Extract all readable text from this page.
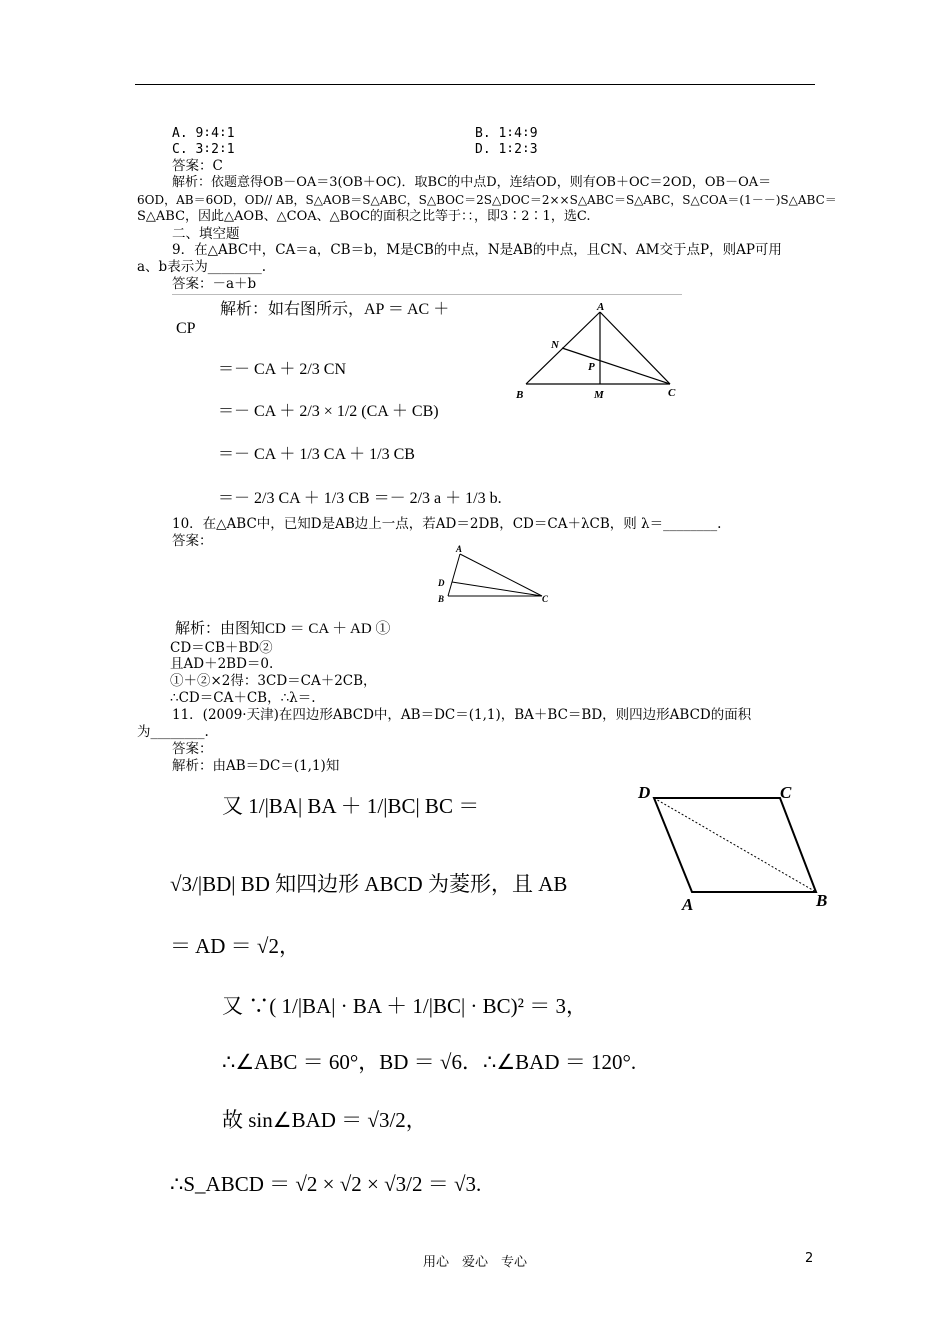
A. 9∶4∶1	B. 1∶4∶9
C. 3∶2∶1	D. 1∶2∶3
答案：C
解析：依题意得OB－OA＝3(OB＋OC)．取BC的中点D，连结OD，则有OB＋OC＝2OD，OB－OA＝
6OD，AB＝6OD，OD// AB，S△AOB＝S△ABC，S△BOC＝2S△DOC＝2××S△ABC＝S△ABC，S△COA＝(1－－)S△ABC＝
S△ABC，因此△AOB、△COA、△BOC的面积之比等于：：，即3∶2∶1，选C.
二、填空题
9．在△ABC中，CA＝a，CB＝b，M是CB的中点，N是AB的中点，且CN、AM交于点P，则AP可用
a、b表示为________.
答案：－a＋b
解析：如右图所示，AP ＝ AC ＋
CP
＝－ CA ＋ 2/3 CN
＝－ CA ＋ 2/3 × 1/2 (CA ＋ CB)
＝－ CA ＋ 1/3 CA ＋ 1/3 CB
＝－ 2/3 CA ＋ 1/3 CB ＝－ 2/3 a ＋ 1/3 b.
A
B	C
M
N
P
10．在△ABC中，已知D是AB边上一点，若AD＝2DB，CD＝CA＋λCB，则 λ＝________.
答案：	A
B	C
D
解析：由图知CD ＝ CA ＋ AD ①
CD＝CB＋BD②
且AD＋2BD＝0.
①＋②×2得：3CD＝CA＋2CB，
∴CD＝CA＋CB，∴λ＝.
11．(2009·天津)在四边形ABCD中，AB＝DC＝(1,1)，BA＋BC＝BD，则四边形ABCD的面积
为________.
答案：
解析：由AB＝DC＝(1,1)知
又 1/|BA| BA ＋ 1/|BC| BC ＝
√3/|BD| BD 知四边形 ABCD 为菱形，且 AB
＝ AD ＝ √2，
又 ∵( 1/|BA| · BA ＋ 1/|BC| · BC)² ＝ 3，
∴∠ABC ＝ 60°，BD ＝ √6．∴∠BAD ＝ 120°.
故 sin∠BAD ＝ √3/2，
∴S_ABCD ＝ √2 × √2 × √3/2 ＝ √3.
D	C
A	B
用心　爱心　专心	2
